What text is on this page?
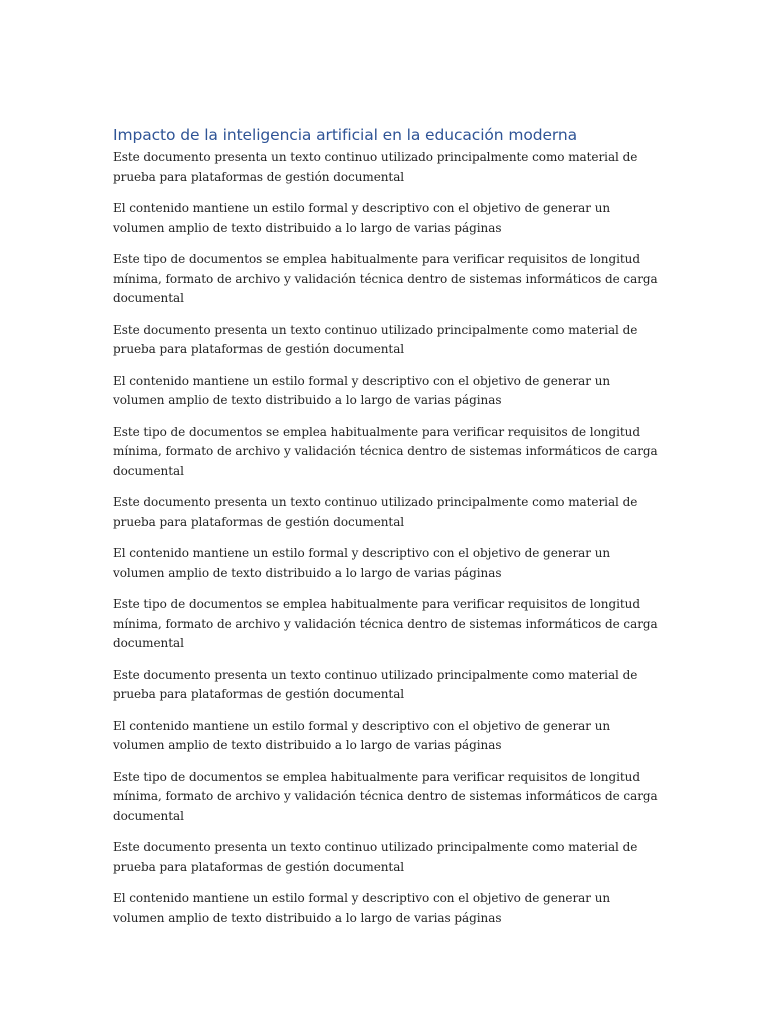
Impacto de la inteligencia artificial en la educación moderna

Este documento presenta un texto continuo utilizado principalmente como material de prueba para plataformas de gestión documental

El contenido mantiene un estilo formal y descriptivo con el objetivo de generar un volumen amplio de texto distribuido a lo largo de varias páginas

Este tipo de documentos se emplea habitualmente para verificar requisitos de longitud mínima, formato de archivo y validación técnica dentro de sistemas informáticos de carga documental

Este documento presenta un texto continuo utilizado principalmente como material de prueba para plataformas de gestión documental

El contenido mantiene un estilo formal y descriptivo con el objetivo de generar un volumen amplio de texto distribuido a lo largo de varias páginas

Este tipo de documentos se emplea habitualmente para verificar requisitos de longitud mínima, formato de archivo y validación técnica dentro de sistemas informáticos de carga documental

Este documento presenta un texto continuo utilizado principalmente como material de prueba para plataformas de gestión documental

El contenido mantiene un estilo formal y descriptivo con el objetivo de generar un volumen amplio de texto distribuido a lo largo de varias páginas

Este tipo de documentos se emplea habitualmente para verificar requisitos de longitud mínima, formato de archivo y validación técnica dentro de sistemas informáticos de carga documental

Este documento presenta un texto continuo utilizado principalmente como material de prueba para plataformas de gestión documental

El contenido mantiene un estilo formal y descriptivo con el objetivo de generar un volumen amplio de texto distribuido a lo largo de varias páginas

Este tipo de documentos se emplea habitualmente para verificar requisitos de longitud mínima, formato de archivo y validación técnica dentro de sistemas informáticos de carga documental

Este documento presenta un texto continuo utilizado principalmente como material de prueba para plataformas de gestión documental

El contenido mantiene un estilo formal y descriptivo con el objetivo de generar un volumen amplio de texto distribuido a lo largo de varias páginas
